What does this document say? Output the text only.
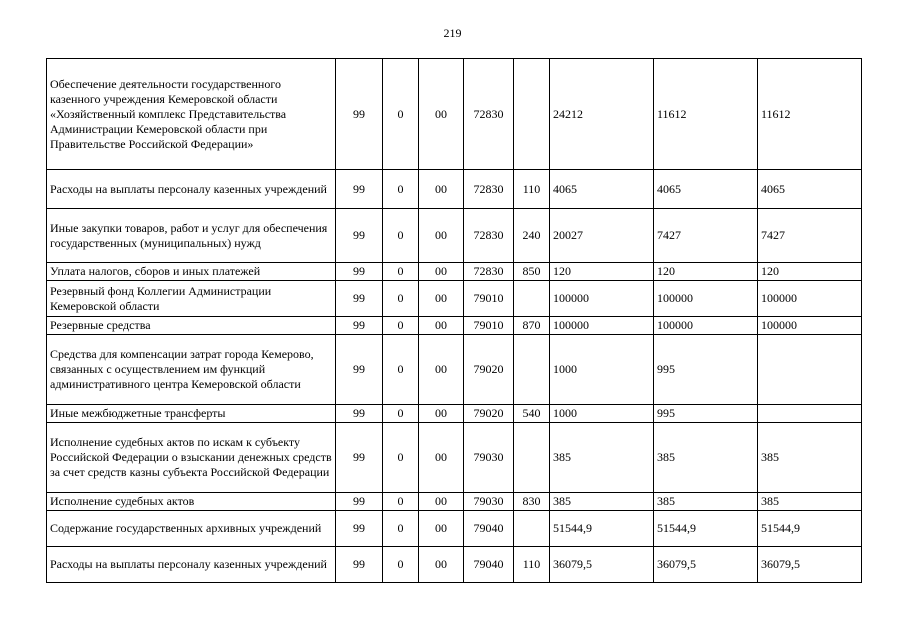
219
Обеспечение деятельности государственного казенного учреждения Кемеровской области «Хозяйственный комплекс Представительства Администрации Кемеровской области при Правительстве Российской Федерации»	99	0	00	72830		24212	11612	11612
Расходы на выплаты персоналу казенных учреждений	99	0	00	72830	110	4065	4065	4065
Иные закупки товаров, работ и услуг для обеспечения государственных (муниципальных) нужд	99	0	00	72830	240	20027	7427	7427
Уплата налогов, сборов и иных платежей	99	0	00	72830	850	120	120	120
Резервный фонд Коллегии Администрации Кемеровской области	99	0	00	79010		100000	100000	100000
Резервные средства	99	0	00	79010	870	100000	100000	100000
Средства для компенсации затрат города Кемерово, связанных с осуществлением им функций административного центра Кемеровской области	99	0	00	79020		1000	995	
Иные межбюджетные трансферты	99	0	00	79020	540	1000	995	
Исполнение судебных актов по искам к субъекту Российской Федерации о взыскании денежных средств за счет средств казны субъекта Российской Федерации	99	0	00	79030		385	385	385
Исполнение судебных актов	99	0	00	79030	830	385	385	385
Содержание государственных архивных учреждений	99	0	00	79040		51544,9	51544,9	51544,9
Расходы на выплаты персоналу казенных учреждений	99	0	00	79040	110	36079,5	36079,5	36079,5
